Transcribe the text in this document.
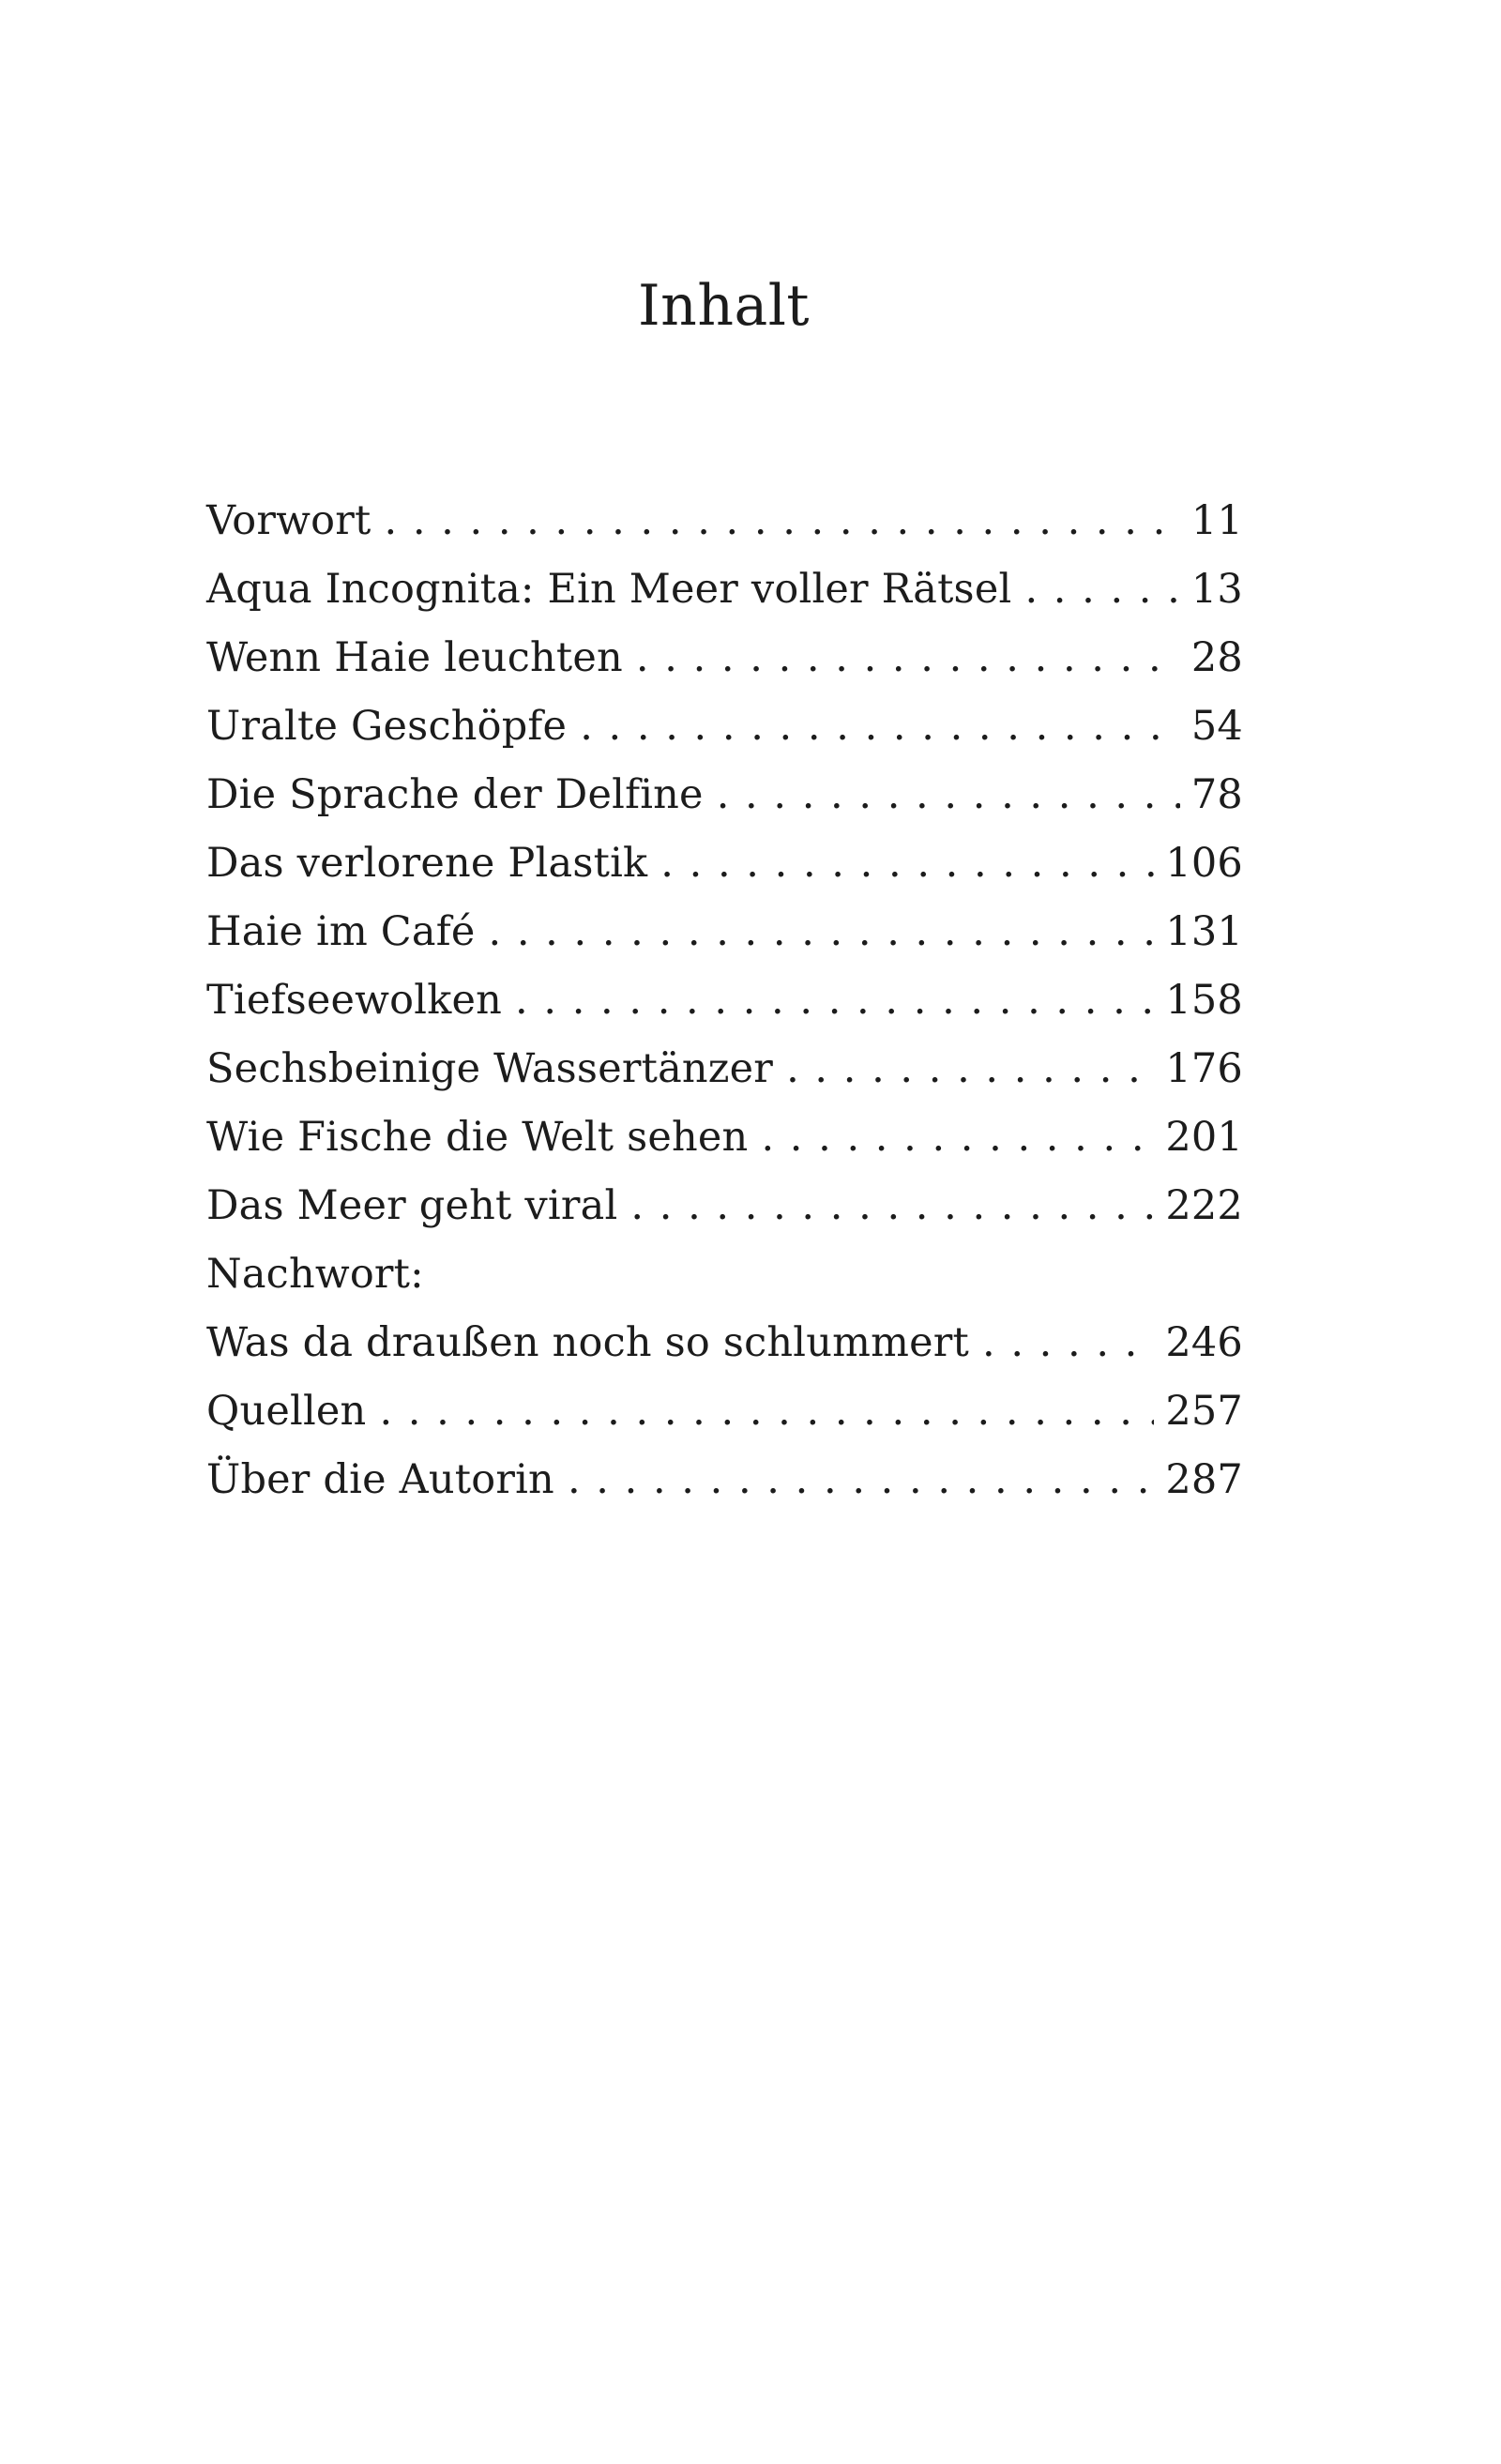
Inhalt
Vorwort . . .	11
Aqua Incognita: Ein Meer voller Rätsel . . .	13
Wenn Haie leuchten . . .	28
Uralte Geschöpfe . . .	54
Die Sprache der Delfine . . .	78
Das verlorene Plastik . . .	106
Haie im Café . . .	131
Tiefseewolken . . .	158
Sechsbeinige Wassertänzer . . .	176
Wie Fische die Welt sehen . . .	201
Das Meer geht viral . . .	222
Nachwort:
Was da draußen noch so schlummert . . .	246
Quellen . . .	257
Über die Autorin . . .	287
